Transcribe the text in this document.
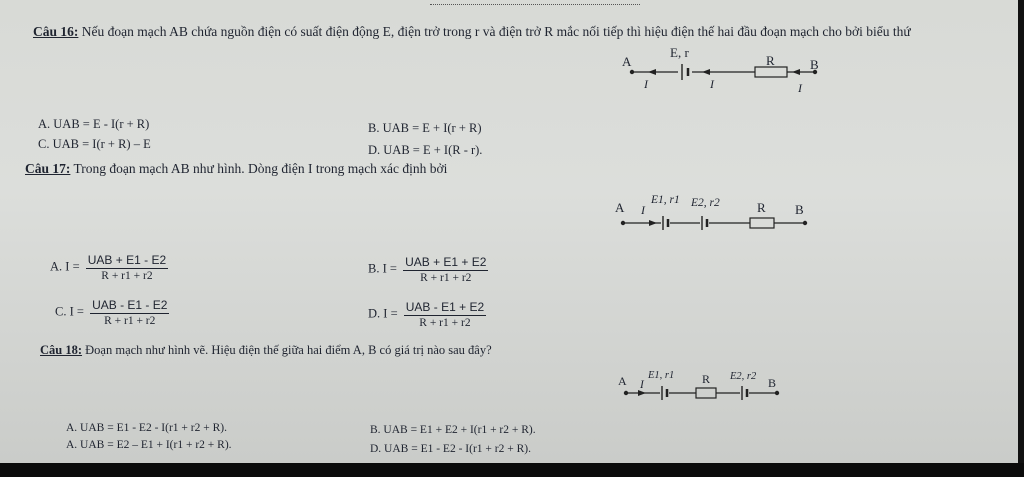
Câu 16: Nếu đoạn mạch AB chứa nguồn điện có suất điện động E, điện trở trong r và điện trở R mắc nối tiếp thì hiệu điện thế hai đầu đoạn mạch cho bởi biểu thứ
A	B
E, r
R
I	I	I
A. UAB = E - I(r + R)	B. UAB = E + I(r + R)
C. UAB = I(r + R) – E	D. UAB = E + I(R - r).
Câu 17: Trong đoạn mạch AB như hình. Dòng điện I trong mạch xác định bởi
A	B
I
E1, r1 E2, r2	R
A. $I = \frac{\text{UAB + E1 - E2}}{R + r1 + r2}$	B. $I = \frac{\text{UAB + E1 + E2}}{R + r1 + r2}$
C. $I = \frac{\text{UAB - E1 - E2}}{R + r1 + r2}$	D. $I = \frac{\text{UAB - E1 + E2}}{R + r1 + r2}$
Câu 18: Đoạn mạch như hình vẽ. Hiệu điện thế giữa hai điểm A, B có giá trị nào sau đây?
A	B
I
E1, r1 R E2, r2
A. UAB = E1 - E2 - I(r1 + r2 + R).	B. UAB = E1 + E2 + I(r1 + r2 + R).
A. UAB = E2 – E1 + I(r1 + r2 + R).	D. UAB = E1 - E2 - I(r1 + r2 + R).
